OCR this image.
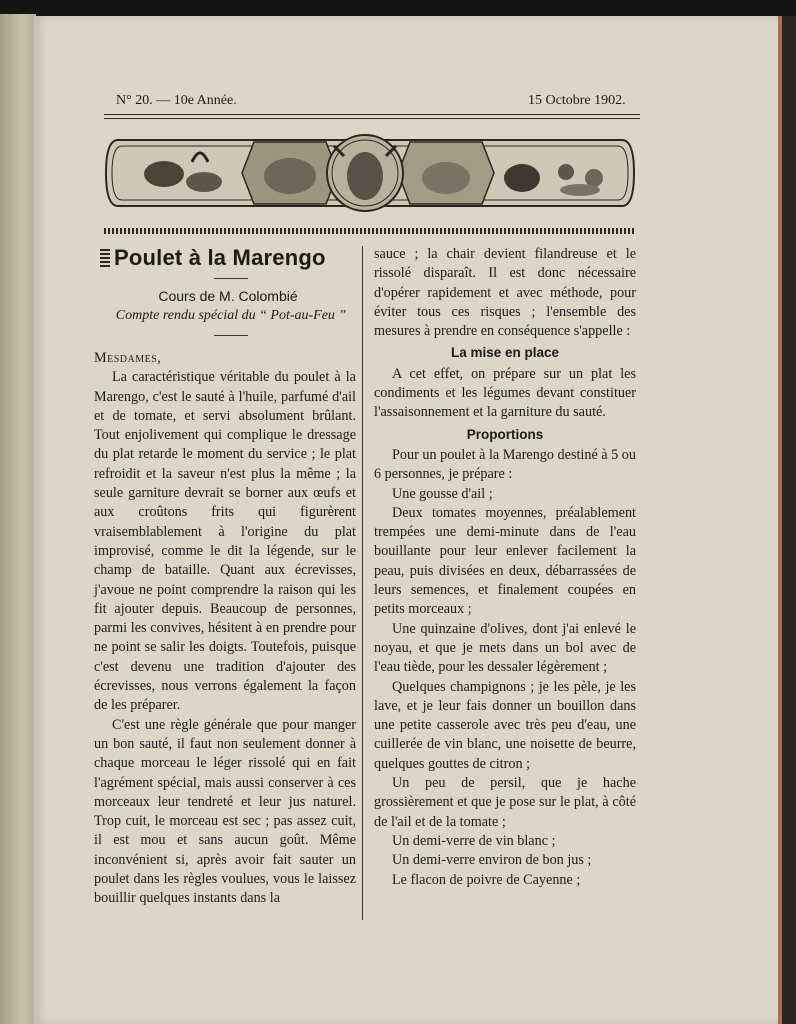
N° 20. — 10e Année.	15 Octobre 1902.
Poulet à la Marengo
Cours de M. Colombié
Compte rendu spécial du “ Pot-au-Feu ”

Mesdames,

La caractéristique véritable du poulet à la Marengo, c'est le sauté à l'huile, parfumé d'ail et de tomate, et servi absolument brûlant. Tout enjolivement qui complique le dressage du plat retarde le moment du service ; le plat refroidit et la saveur n'est plus la même ; la seule garniture devrait se borner aux œufs et aux croûtons frits qui figurèrent vraisemblablement à l'origine du plat improvisé, comme le dit la légende, sur le champ de bataille. Quant aux écrevisses, j'avoue ne point comprendre la raison qui les fit ajouter depuis. Beaucoup de personnes, parmi les convives, hésitent à en prendre pour ne point se salir les doigts. Toutefois, puisque c'est devenu une tradition d'ajouter des écrevisses, nous verrons également la façon de les préparer.

C'est une règle générale que pour manger un bon sauté, il faut non seulement donner à chaque morceau le léger rissolé qui en fait l'agrément spécial, mais aussi conserver à ces morceaux leur tendreté et leur jus naturel. Trop cuit, le morceau est sec ; pas assez cuit, il est mou et sans aucun goût. Même inconvénient si, après avoir fait sauter un poulet dans les règles voulues, vous le laissez bouillir quelques instants dans la

sauce ; la chair devient filandreuse et le rissolé disparaît. Il est donc nécessaire d'opérer rapidement et avec méthode, pour éviter tous ces risques ; l'ensemble des mesures à prendre en conséquence s'appelle :

La mise en place

A cet effet, on prépare sur un plat les condiments et les légumes devant constituer l'assaisonnement et la garniture du sauté.

Proportions

Pour un poulet à la Marengo destiné à 5 ou 6 personnes, je prépare :

Une gousse d'ail ;

Deux tomates moyennes, préalablement trempées une demi-minute dans de l'eau bouillante pour leur enlever facilement la peau, puis divisées en deux, débarrassées de leurs semences, et finalement coupées en petits morceaux ;

Une quinzaine d'olives, dont j'ai enlevé le noyau, et que je mets dans un bol avec de l'eau tiède, pour les dessaler légèrement ;

Quelques champignons ; je les pèle, je les lave, et je leur fais donner un bouillon dans une petite casserole avec très peu d'eau, une cuillerée de vin blanc, une noisette de beurre, quelques gouttes de citron ;

Un peu de persil, que je hache grossièrement et que je pose sur le plat, à côté de l'ail et de la tomate ;

Un demi-verre de vin blanc ;

Un demi-verre environ de bon jus ;

Le flacon de poivre de Cayenne ;
